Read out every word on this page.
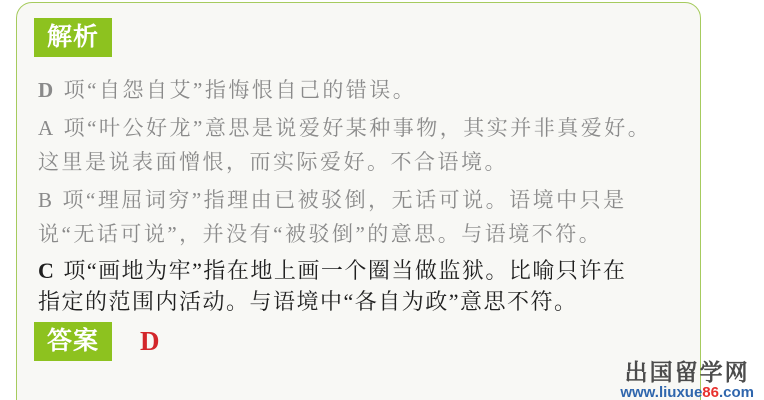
解析
D 项“自怨自艾”指悔恨自己的错误。
A 项“叶公好龙”意思是说爱好某种事物，其实并非真爱好。
这里是说表面憎恨，而实际爱好。不合语境。
B 项“理屈词穷”指理由已被驳倒，无话可说。语境中只是
说“无话可说”，并没有“被驳倒”的意思。与语境不符。
C 项“画地为牢”指在地上画一个圈当做监狱。比喻只许在
指定的范围内活动。与语境中“各自为政”意思不符。
答案	D
出国留学网
www.liuxue86.com
